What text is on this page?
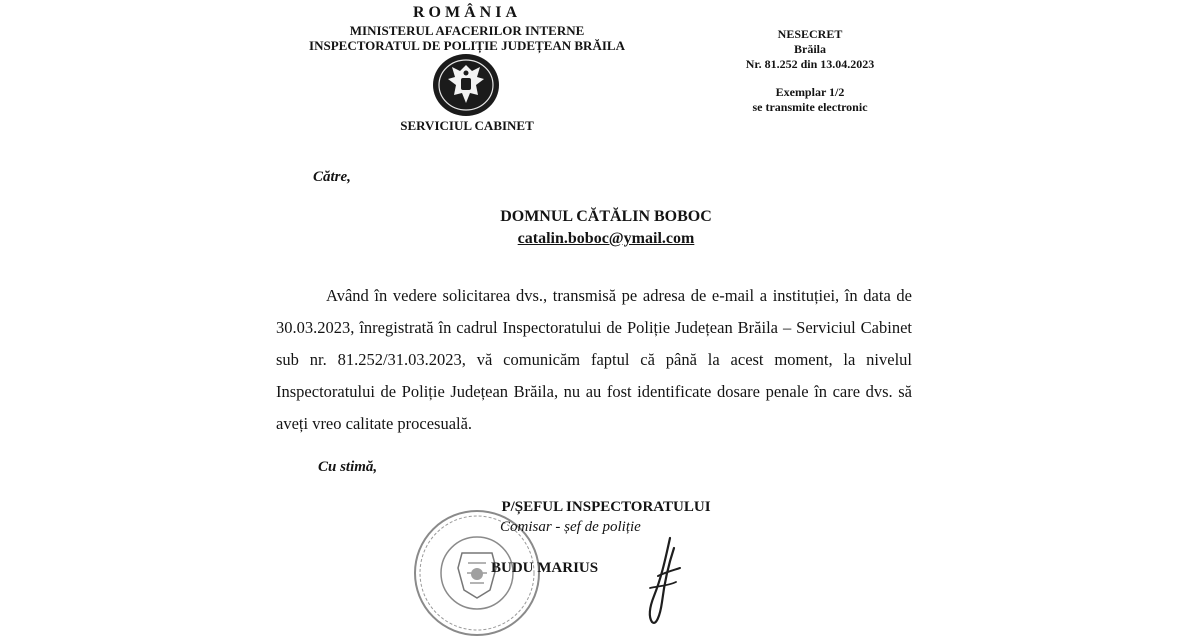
ROMÂNIA
MINISTERUL AFACERILOR INTERNE
INSPECTORATUL DE POLIȚIE JUDEȚEAN BRĂILA
SERVICIUL CABINET
NESECRET
Brăila
Nr. 81.252 din 13.04.2023
Exemplar 1/2
se transmite electronic
Către,
DOMNUL CĂTĂLIN BOBOC
catalin.boboc@ymail.com

Având în vedere solicitarea dvs., transmisă pe adresa de e-mail a instituției, în data de 30.03.2023, înregistrată în cadrul Inspectoratului de Poliție Județean Brăila – Serviciul Cabinet sub nr. 81.252/31.03.2023, vă comunicăm faptul că până la acest moment, la nivelul Inspectoratului de Poliție Județean Brăila, nu au fost identificate dosare penale în care dvs. să aveți vreo calitate procesuală.

Cu stimă,
P/ȘEFUL INSPECTORATULUI
Comisar - șef de poliție
BUDU MARIUS
